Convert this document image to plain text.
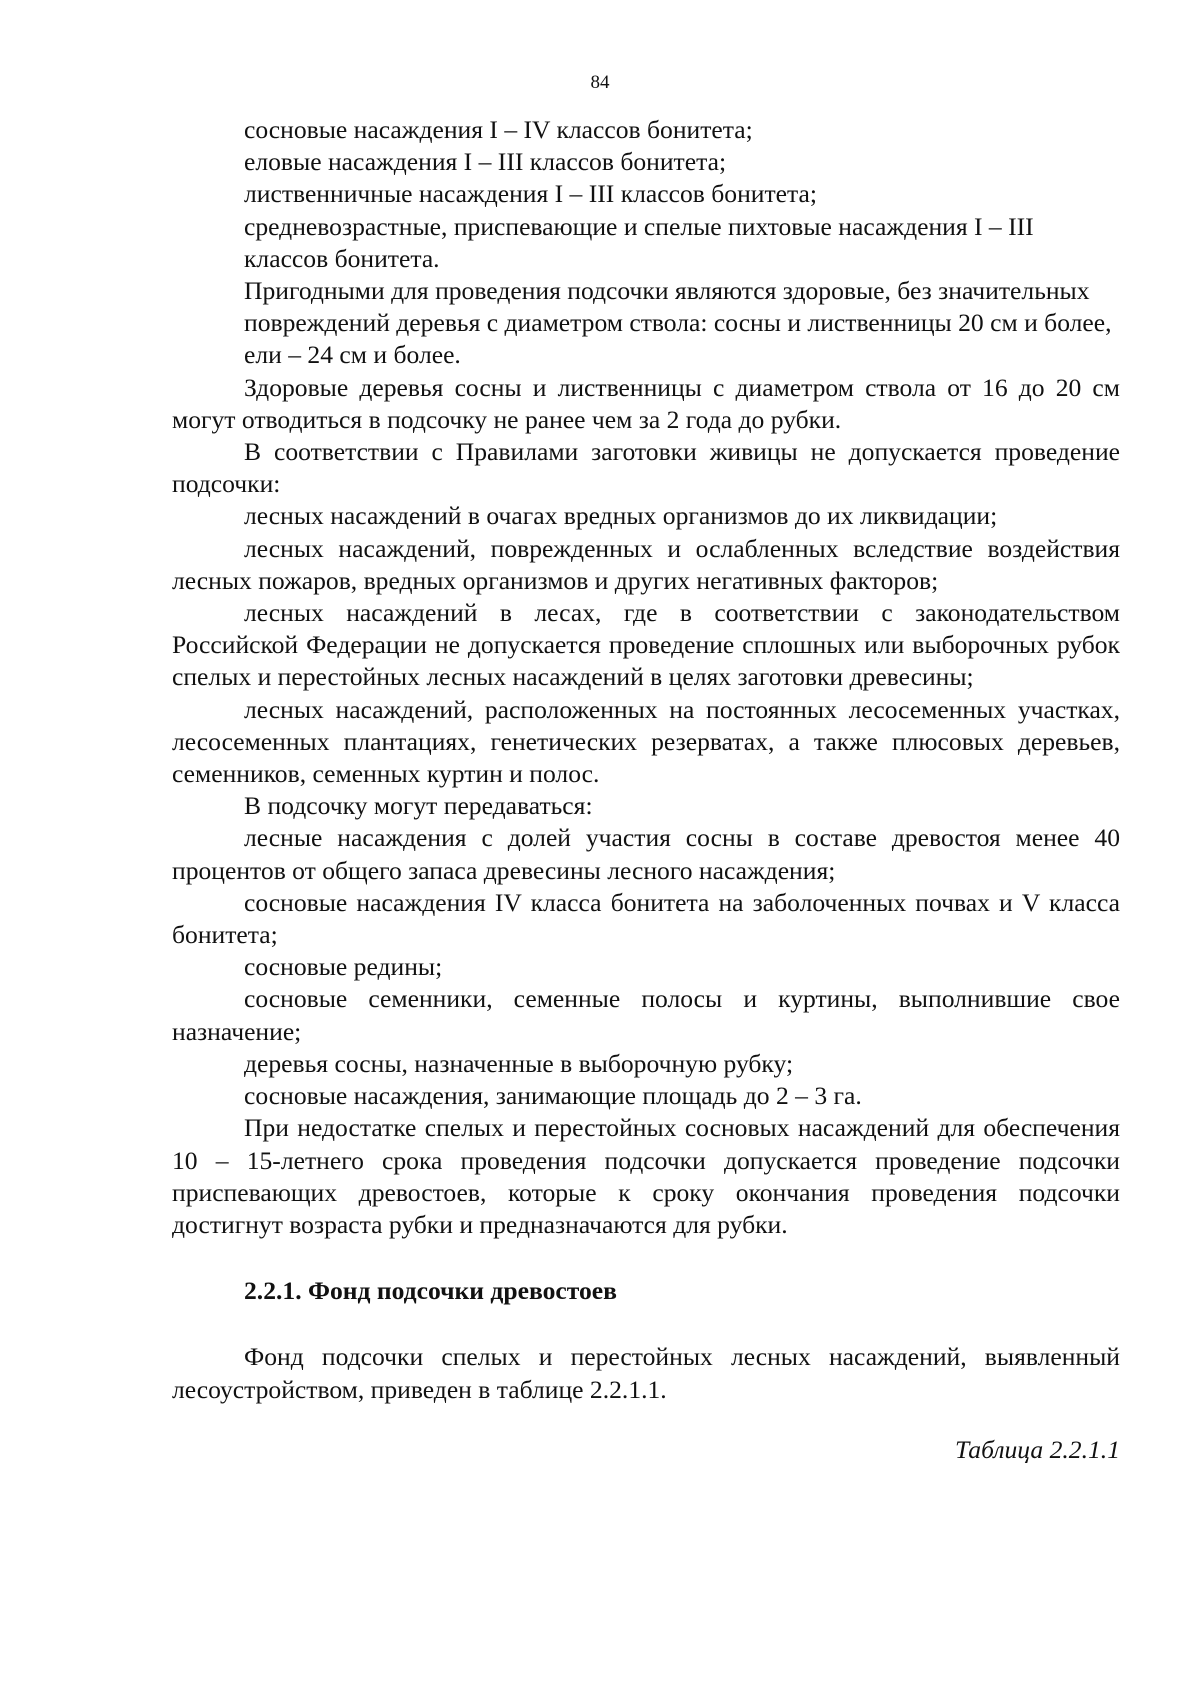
84

сосновые насаждения I – IV классов бонитета;

еловые насаждения I – III классов бонитета;

лиственничные насаждения I – III классов бонитета;

средневозрастные, приспевающие и спелые пихтовые насаждения I – III классов бонитета.

Пригодными для проведения подсочки являются здоровые, без значительных повреждений деревья с диаметром ствола: сосны и лиственницы 20 см и более, ели – 24 см и более.

Здоровые деревья сосны и лиственницы с диаметром ствола от 16 до 20 см могут отводиться в подсочку не ранее чем за 2 года до рубки.

В соответствии с Правилами заготовки живицы не допускается проведение подсочки:

лесных насаждений в очагах вредных организмов до их ликвидации;

лесных насаждений, поврежденных и ослабленных вследствие воздействия лесных пожаров, вредных организмов и других негативных факторов;

лесных насаждений в лесах, где в соответствии с законодательством Российской Федерации не допускается проведение сплошных или выборочных рубок спелых и перестойных лесных насаждений в целях заготовки древесины;

лесных насаждений, расположенных на постоянных лесосеменных участках, лесосеменных плантациях, генетических резерватах, а также плюсовых деревьев, семенников, семенных куртин и полос.

В подсочку могут передаваться:

лесные насаждения с долей участия сосны в составе древостоя менее 40 процентов от общего запаса древесины лесного насаждения;

сосновые насаждения IV класса бонитета на заболоченных почвах и V класса бонитета;

сосновые редины;

сосновые семенники, семенные полосы и куртины, выполнившие свое назначение;

деревья сосны, назначенные в выборочную рубку;

сосновые насаждения, занимающие площадь до 2 – 3 га.

При недостатке спелых и перестойных сосновых насаждений для обеспечения 10 – 15-летнего срока проведения подсочки допускается проведение подсочки приспевающих древостоев, которые к сроку окончания проведения подсочки достигнут возраста рубки и предназначаются для рубки.

2.2.1. Фонд подсочки древостоев

Фонд подсочки спелых и перестойных лесных насаждений, выявленный лесоустройством, приведен в таблице 2.2.1.1.

Таблица 2.2.1.1
